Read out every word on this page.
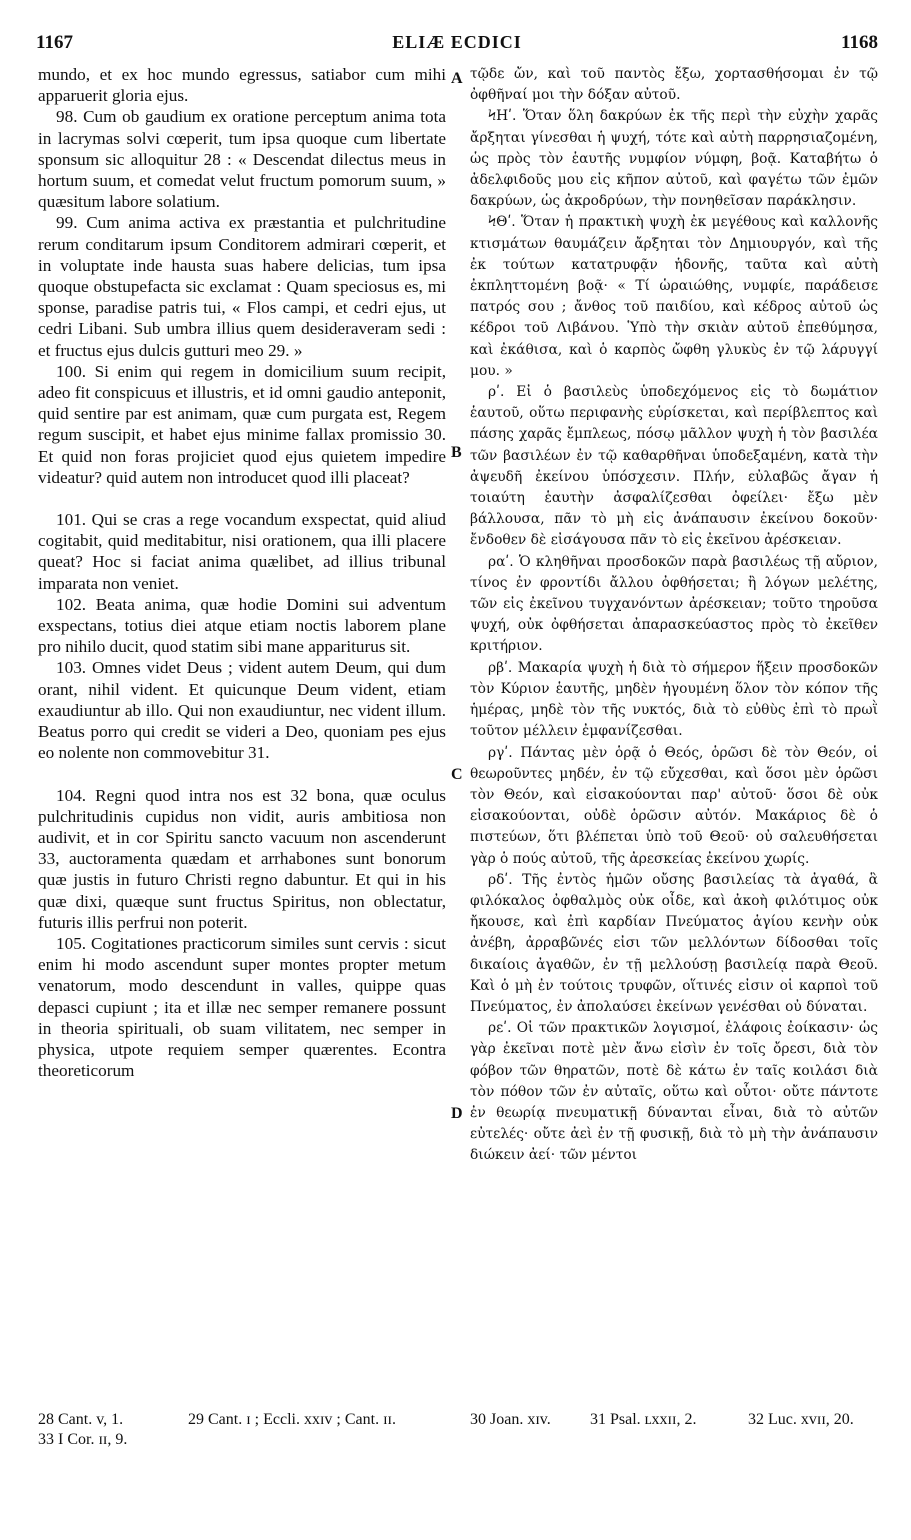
ELIÆ ECDICI
1167	1168

mundo, et ex hoc mundo egressus, satiabor cum mihi apparuerit gloria ejus.

98. Cum ob gaudium ex oratione perceptum anima tota in lacrymas solvi cœperit, tum ipsa quoque cum libertate sponsum sic alloquitur 28 : « Descendat dilectus meus in hortum suum, et comedat velut fructum pomorum suum, » quæsitum labore solatium.

99. Cum anima activa ex præstantia et pulchritudine rerum conditarum ipsum Conditorem admirari cœperit, et in voluptate inde hausta suas habere delicias, tum ipsa quoque obstupefacta sic exclamat : Quam speciosus es, mi sponse, paradise patris tui, « Flos campi, et cedri ejus, ut cedri Libani. Sub umbra illius quem desideraveram sedi : et fructus ejus dulcis gutturi meo 29. »

100. Si enim qui regem in domicilium suum recipit, adeo fit conspicuus et illustris, et id omni gaudio anteponit, quid sentire par est animam, quæ cum purgata est, Regem regum suscipit, et habet ejus minime fallax promissio 30. Et quid non foras projiciet quod ejus quietem impedire videatur? quid autem non introducet quod illi placeat?

101. Qui se cras a rege vocandum exspectat, quid aliud cogitabit, quid meditabitur, nisi orationem, qua illi placere queat? Hoc si faciat anima quælibet, ad illius tribunal imparata non veniet.

102. Beata anima, quæ hodie Domini sui adventum exspectans, totius diei atque etiam noctis laborem plane pro nihilo ducit, quod statim sibi mane appariturus sit.

103. Omnes videt Deus ; vident autem Deum, qui dum orant, nihil vident. Et quicunque Deum vident, etiam exaudiuntur ab illo. Qui non exaudiuntur, nec vident illum. Beatus porro qui credit se videri a Deo, quoniam pes ejus eo nolente non commovebitur 31.

104. Regni quod intra nos est 32 bona, quæ oculus pulchritudinis cupidus non vidit, auris ambitiosa non audivit, et in cor Spiritu sancto vacuum non ascenderunt 33, auctoramenta quædam et arrhabones sunt bonorum quæ justis in futuro Christi regno dabuntur. Et qui in his quæ dixi, quæque sunt fructus Spiritus, non oblectatur, futuris illis perfrui non poterit.

105. Cogitationes practicorum similes sunt cervis : sicut enim hi modo ascendunt super montes propter metum venatorum, modo descendunt in valles, quippe quas depasci cupiunt ; ita et illæ nec semper remanere possunt in theoria spirituali, ob suam vilitatem, nec semper in physica, utpote requiem semper quærentes. Econtra theoreticorum

τῷδε ὤν, καὶ τοῦ παντὸς ἔξω, χορτασθήσομαι ἐν τῷ ὀφθῆναί μοι τὴν δόξαν αὐτοῦ.

ϞΗʹ. Ὅταν ὅλη δακρύων ἐκ τῆς περὶ τὴν εὐχὴν χαρᾶς ἄρξηται γίνεσθαι ἡ ψυχή, τότε καὶ αὐτὴ παρρησιαζομένη, ὡς πρὸς τὸν ἑαυτῆς νυμφίον νύμφη, βοᾷ. Καταβήτω ὁ ἀδελφιδοῦς μου εἰς κῆπον αὐτοῦ, καὶ φαγέτω τῶν ἐμῶν δακρύων, ὡς ἀκροδρύων, τὴν πονηθεῖσαν παράκλησιν.

ϞΘʹ. Ὅταν ἡ πρακτικὴ ψυχὴ ἐκ μεγέθους καὶ καλλονῆς κτισμάτων θαυμάζειν ἄρξηται τὸν Δημιουργόν, καὶ τῆς ἐκ τούτων κατατρυφᾷν ἡδονῆς, ταῦτα καὶ αὐτὴ ἐκπληττομένη βοᾷ· « Τί ὡραιώθης, νυμφίε, παράδεισε πατρός σου ; ἄνθος τοῦ παιδίου, καὶ κέδρος αὐτοῦ ὡς κέδροι τοῦ Λιβάνου. Ὑπὸ τὴν σκιὰν αὐτοῦ ἐπεθύμησα, καὶ ἐκάθισα, καὶ ὁ καρπὸς ὤφθη γλυκὺς ἐν τῷ λάρυγγί μου. »

ρʹ. Εἰ ὁ βασιλεὺς ὑποδεχόμενος εἰς τὸ δωμάτιον ἑαυτοῦ, οὕτω περιφανὴς εὑρίσκεται, καὶ περίβλεπτος καὶ πάσης χαρᾶς ἔμπλεως, πόσῳ μᾶλλον ψυχὴ ἡ τὸν βασιλέα τῶν βασιλέων ἐν τῷ καθαρθῆναι ὑποδεξαμένη, κατὰ τὴν ἀψευδῆ ἐκείνου ὑπόσχεσιν. Πλήν, εὐλαβῶς ἄγαν ἡ τοιαύτη ἑαυτὴν ἀσφαλίζεσθαι ὀφείλει· ἔξω μὲν βάλλουσα, πᾶν τὸ μὴ εἰς ἀνάπαυσιν ἐκείνου δοκοῦν· ἔνδοθεν δὲ εἰσάγουσα πᾶν τὸ εἰς ἐκεῖνου ἀρέσκειαν.

ραʹ. Ὁ κληθῆναι προσδοκῶν παρὰ βασιλέως τῇ αὔριον, τίνος ἐν φροντίδι ἄλλου ὀφθήσεται; ἢ λόγων μελέτης, τῶν εἰς ἐκεῖνου τυγχανόντων ἀρέσκειαν; τοῦτο τηροῦσα ψυχή, οὐκ ὀφθήσεται ἀπαρασκεύαστος πρὸς τὸ ἐκεῖθεν κριτήριον.

ρβʹ. Μακαρία ψυχὴ ἡ διὰ τὸ σήμερον ἥξειν προσδοκῶν τὸν Κύριον ἑαυτῆς, μηδὲν ἡγουμένη ὅλον τὸν κόπον τῆς ἡμέρας, μηδὲ τὸν τῆς νυκτός, διὰ τὸ εὐθὺς ἐπὶ τὸ πρωῒ τοῦτον μέλλειν ἐμφανίζεσθαι.

ργʹ. Πάντας μὲν ὁρᾷ ὁ Θεός, ὁρῶσι δὲ τὸν Θεόν, οἱ θεωροῦντες μηδέν, ἐν τῷ εὔχεσθαι, καὶ ὅσοι μὲν ὁρῶσι τὸν Θεόν, καὶ εἰσακούονται παρ' αὐτοῦ· ὅσοι δὲ οὐκ εἰσακούονται, οὐδὲ ὁρῶσιν αὐτόν. Μακάριος δὲ ὁ πιστεύων, ὅτι βλέπεται ὑπὸ τοῦ Θεοῦ· οὐ σαλευθήσεται γὰρ ὁ πούς αὐτοῦ, τῆς ἀρεσκείας ἐκείνου χωρίς.

ρδʹ. Τῆς ἐντὸς ἡμῶν οὔσης βασιλείας τὰ ἀγαθά, ἃ φιλόκαλος ὀφθαλμὸς οὐκ οἶδε, καὶ ἀκοὴ φιλότιμος οὐκ ἤκουσε, καὶ ἐπὶ καρδίαν Πνεύματος ἁγίου κενὴν οὐκ ἀνέβη, ἀρραβῶνές εἰσι τῶν μελλόντων δίδοσθαι τοῖς δικαίοις ἀγαθῶν, ἐν τῇ μελλούσῃ βασιλείᾳ παρὰ Θεοῦ. Καὶ ὁ μὴ ἐν τούτοις τρυφῶν, οἵτινές εἰσιν οἱ καρποὶ τοῦ Πνεύματος, ἐν ἀπολαύσει ἐκείνων γενέσθαι οὐ δύναται.

ρεʹ. Οἱ τῶν πρακτικῶν λογισμοί, ἐλάφοις ἐοίκασιν· ὡς γὰρ ἐκεῖναι ποτὲ μὲν ἄνω εἰσὶν ἐν τοῖς ὄρεσι, διὰ τὸν φόβον τῶν θηρατῶν, ποτὲ δὲ κάτω ἐν ταῖς κοιλάσι διὰ τὸν πόθον τῶν ἐν αὐταῖς, οὕτω καὶ οὗτοι· οὔτε πάντοτε ἐν θεωρίᾳ πνευματικῇ δύνανται εἶναι, διὰ τὸ αὐτῶν εὐτελές· οὔτε ἀεὶ ἐν τῇ φυσικῇ, διὰ τὸ μὴ τὴν ἀνάπαυσιν διώκειν ἀεί· τῶν μέντοι

A
B
C
D
28 Cant. v, 1.	29 Cant. ɪ ; Eccli. xxɪv ; Cant. ɪɪ.	30 Joan. xɪv. 31 Psal. ʟxxɪɪ, 2.	32 Luc. xvɪɪ, 20.
33 I Cor. ɪɪ, 9.
